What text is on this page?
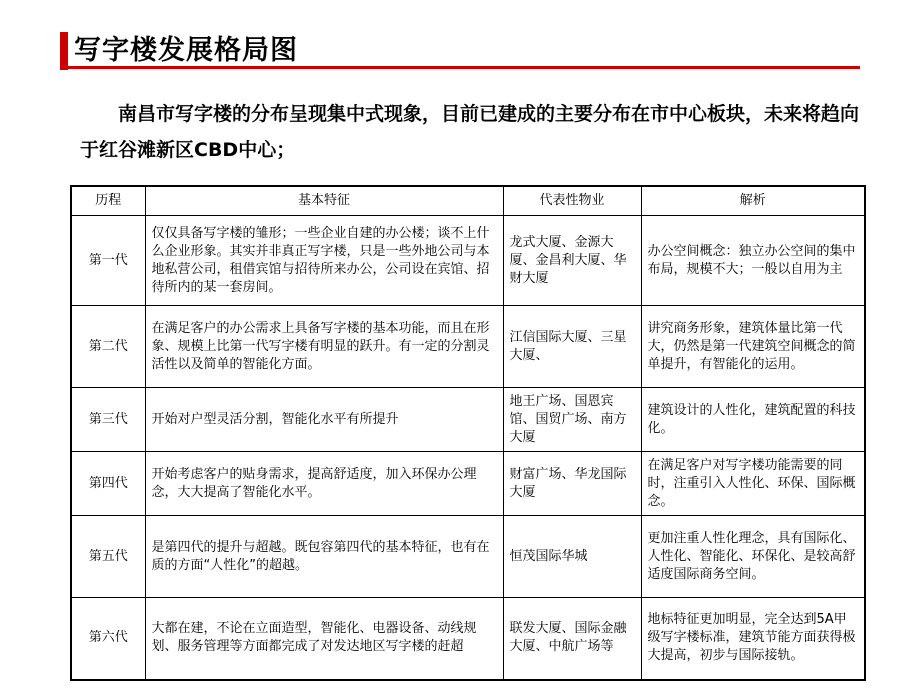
写字楼发展格局图
南昌市写字楼的分布呈现集中式现象，目前已建成的主要分布在市中心板块，未来将趋向于红谷滩新区CBD中心；
历程	基本特征	代表性物业	解析
第一代	仅仅具备写字楼的雏形；一些企业自建的办公楼；谈不上什么企业形象。其实并非真正写字楼，只是一些外地公司与本地私营公司，租借宾馆与招待所来办公，公司设在宾馆、招待所内的某一套房间。	龙式大厦、金源大厦、金昌利大厦、华财大厦	办公空间概念：独立办公空间的集中布局，规模不大；一般以自用为主
第二代	在满足客户的办公需求上具备写字楼的基本功能，而且在形象、规模上比第一代写字楼有明显的跃升。有一定的分割灵活性以及简单的智能化方面。	江信国际大厦、三星大厦、	讲究商务形象，建筑体量比第一代大，仍然是第一代建筑空间概念的简单提升，有智能化的运用。
第三代	开始对户型灵活分割，智能化水平有所提升	地王广场、国恩宾馆、国贸广场、南方大厦	建筑设计的人性化，建筑配置的科技化。
第四代	开始考虑客户的贴身需求，提高舒适度，加入环保办公理念，大大提高了智能化水平。	财富广场、华龙国际大厦	在满足客户对写字楼功能需要的同时，注重引入人性化、环保、国际概念。
第五代	是第四代的提升与超越。既包容第四代的基本特征，也有在质的方面“人性化”的超越。	恒茂国际华城	更加注重人性化理念，具有国际化、人性化、智能化、环保化、是较高舒适度国际商务空间。
第六代	大都在建，不论在立面造型，智能化、电器设备、动线规划、服务管理等方面都完成了对发达地区写字楼的赶超	联发大厦、国际金融大厦、中航广场等	地标特征更加明显，完全达到5A甲级写字楼标准，建筑节能方面获得极大提高，初步与国际接轨。
